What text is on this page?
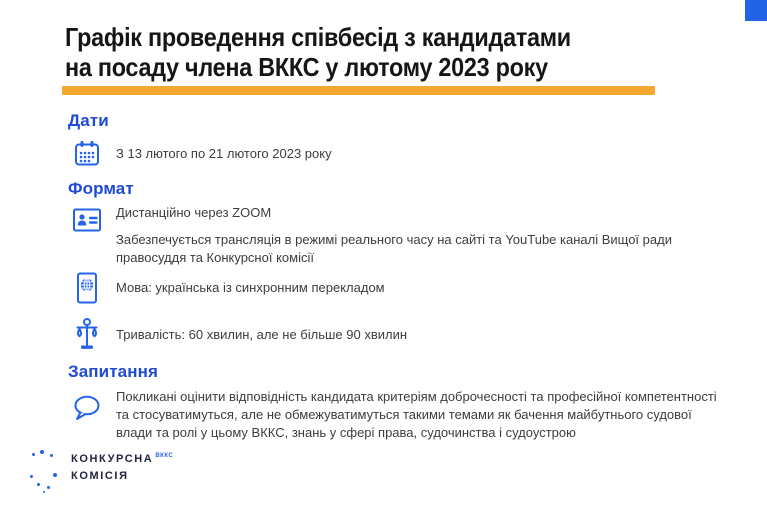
Графік проведення співбесід з кандидатами
на посаду члена ВККС у лютому 2023 року
Дати
З 13 лютого по 21 лютого 2023 року
Формат
Дистанційно через ZOOM
Забезпечується трансляція в режимі реального часу на сайті та YouTube каналі Вищої ради правосуддя та Конкурсної комісії
Мова: українська із синхронним перекладом
Тривалість: 60 хвилин, але не більше 90 хвилин
Запитання
Покликані оцінити відповідність кандидата критеріям доброчесності та професійної компетентності та стосуватимуться, але не обмежуватимуться такими темами як бачення майбутнього судової влади та ролі у цьому ВККС, знань у сфері права, судочинства і судоустрою
КОНКУРСНА $^{ВККС}$
КОМІСІЯ
